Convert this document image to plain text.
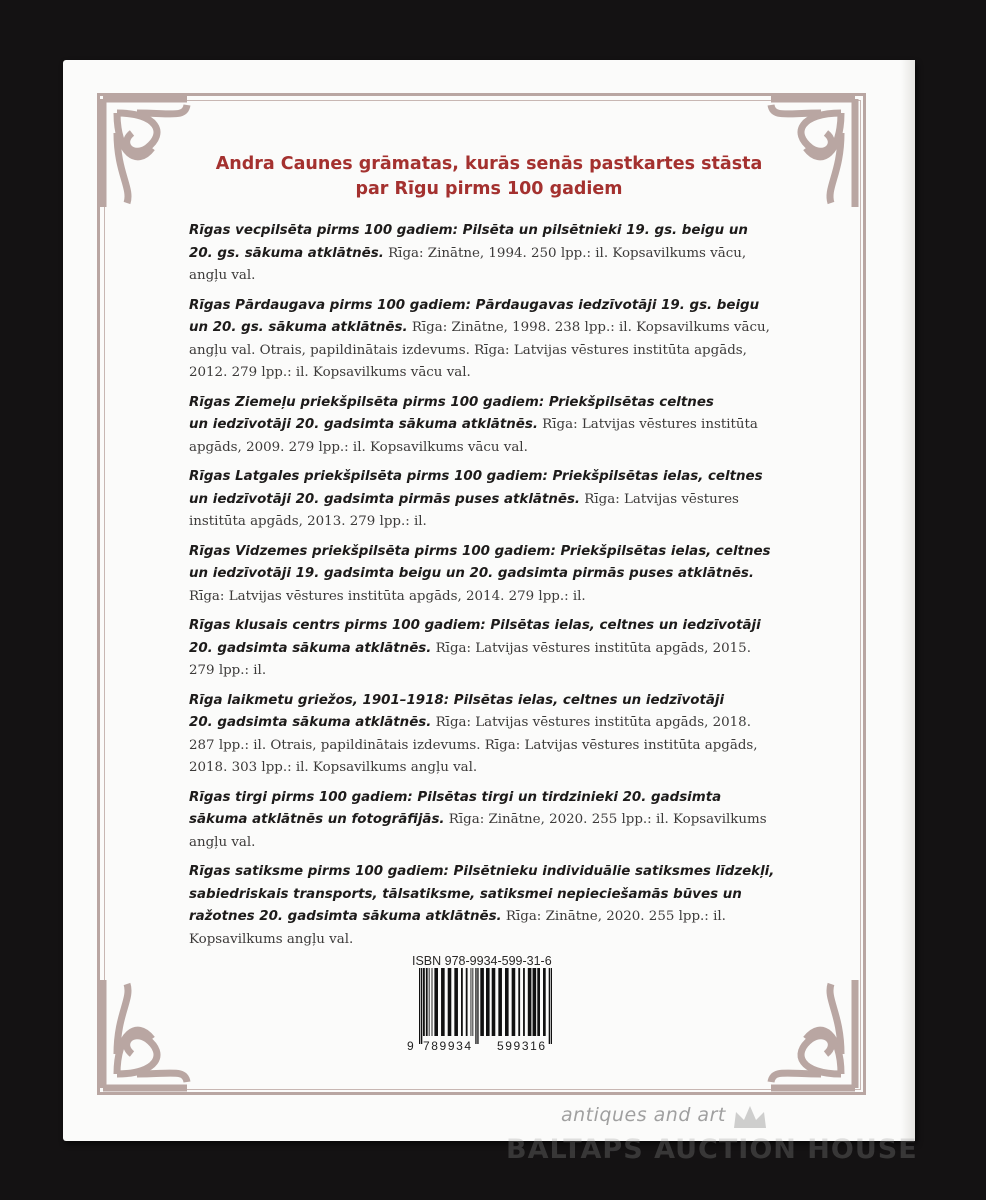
Andra Caunes grāmatas, kurās senās pastkartes stāsta
par Rīgu pirms 100 gadiem
Rīgas vecpilsēta pirms 100 gadiem: Pilsēta un pilsētnieki 19. gs. beigu un
20. gs. sākuma atklātnēs. Rīga: Zinātne, 1994. 250 lpp.: il. Kopsavilkums vācu,
angļu val.
Rīgas Pārdaugava pirms 100 gadiem: Pārdaugavas iedzīvotāji 19. gs. beigu
un 20. gs. sākuma atklātnēs. Rīga: Zinātne, 1998. 238 lpp.: il. Kopsavilkums vācu,
angļu val. Otrais, papildinātais izdevums. Rīga: Latvijas vēstures institūta apgāds,
2012. 279 lpp.: il. Kopsavilkums vācu val.
Rīgas Ziemeļu priekšpilsēta pirms 100 gadiem: Priekšpilsētas celtnes
un iedzīvotāji 20. gadsimta sākuma atklātnēs. Rīga: Latvijas vēstures institūta
apgāds, 2009. 279 lpp.: il. Kopsavilkums vācu val.
Rīgas Latgales priekšpilsēta pirms 100 gadiem: Priekšpilsētas ielas, celtnes
un iedzīvotāji 20. gadsimta pirmās puses atklātnēs. Rīga: Latvijas vēstures
institūta apgāds, 2013. 279 lpp.: il.
Rīgas Vidzemes priekšpilsēta pirms 100 gadiem: Priekšpilsētas ielas, celtnes
un iedzīvotāji 19. gadsimta beigu un 20. gadsimta pirmās puses atklātnēs.
Rīga: Latvijas vēstures institūta apgāds, 2014. 279 lpp.: il.
Rīgas klusais centrs pirms 100 gadiem: Pilsētas ielas, celtnes un iedzīvotāji
20. gadsimta sākuma atklātnēs. Rīga: Latvijas vēstures institūta apgāds, 2015.
279 lpp.: il.
Rīga laikmetu griežos, 1901–1918: Pilsētas ielas, celtnes un iedzīvotāji
20. gadsimta sākuma atklātnēs. Rīga: Latvijas vēstures institūta apgāds, 2018.
287 lpp.: il. Otrais, papildinātais izdevums. Rīga: Latvijas vēstures institūta apgāds,
2018. 303 lpp.: il. Kopsavilkums angļu val.
Rīgas tirgi pirms 100 gadiem: Pilsētas tirgi un tirdzinieki 20. gadsimta
sākuma atklātnēs un fotogrāfijās. Rīga: Zinātne, 2020. 255 lpp.: il. Kopsavilkums
angļu val.
Rīgas satiksme pirms 100 gadiem: Pilsētnieku individuālie satiksmes līdzekļi,
sabiedriskais transports, tālsatiksme, satiksmei nepieciešamās būves un
ražotnes 20. gadsimta sākuma atklātnēs. Rīga: Zinātne, 2020. 255 lpp.: il.
Kopsavilkums angļu val.
ISBN 978-9934-599-31-6
9 789934 599316
antiques and art
BALTAPS AUCTION HOUSE
